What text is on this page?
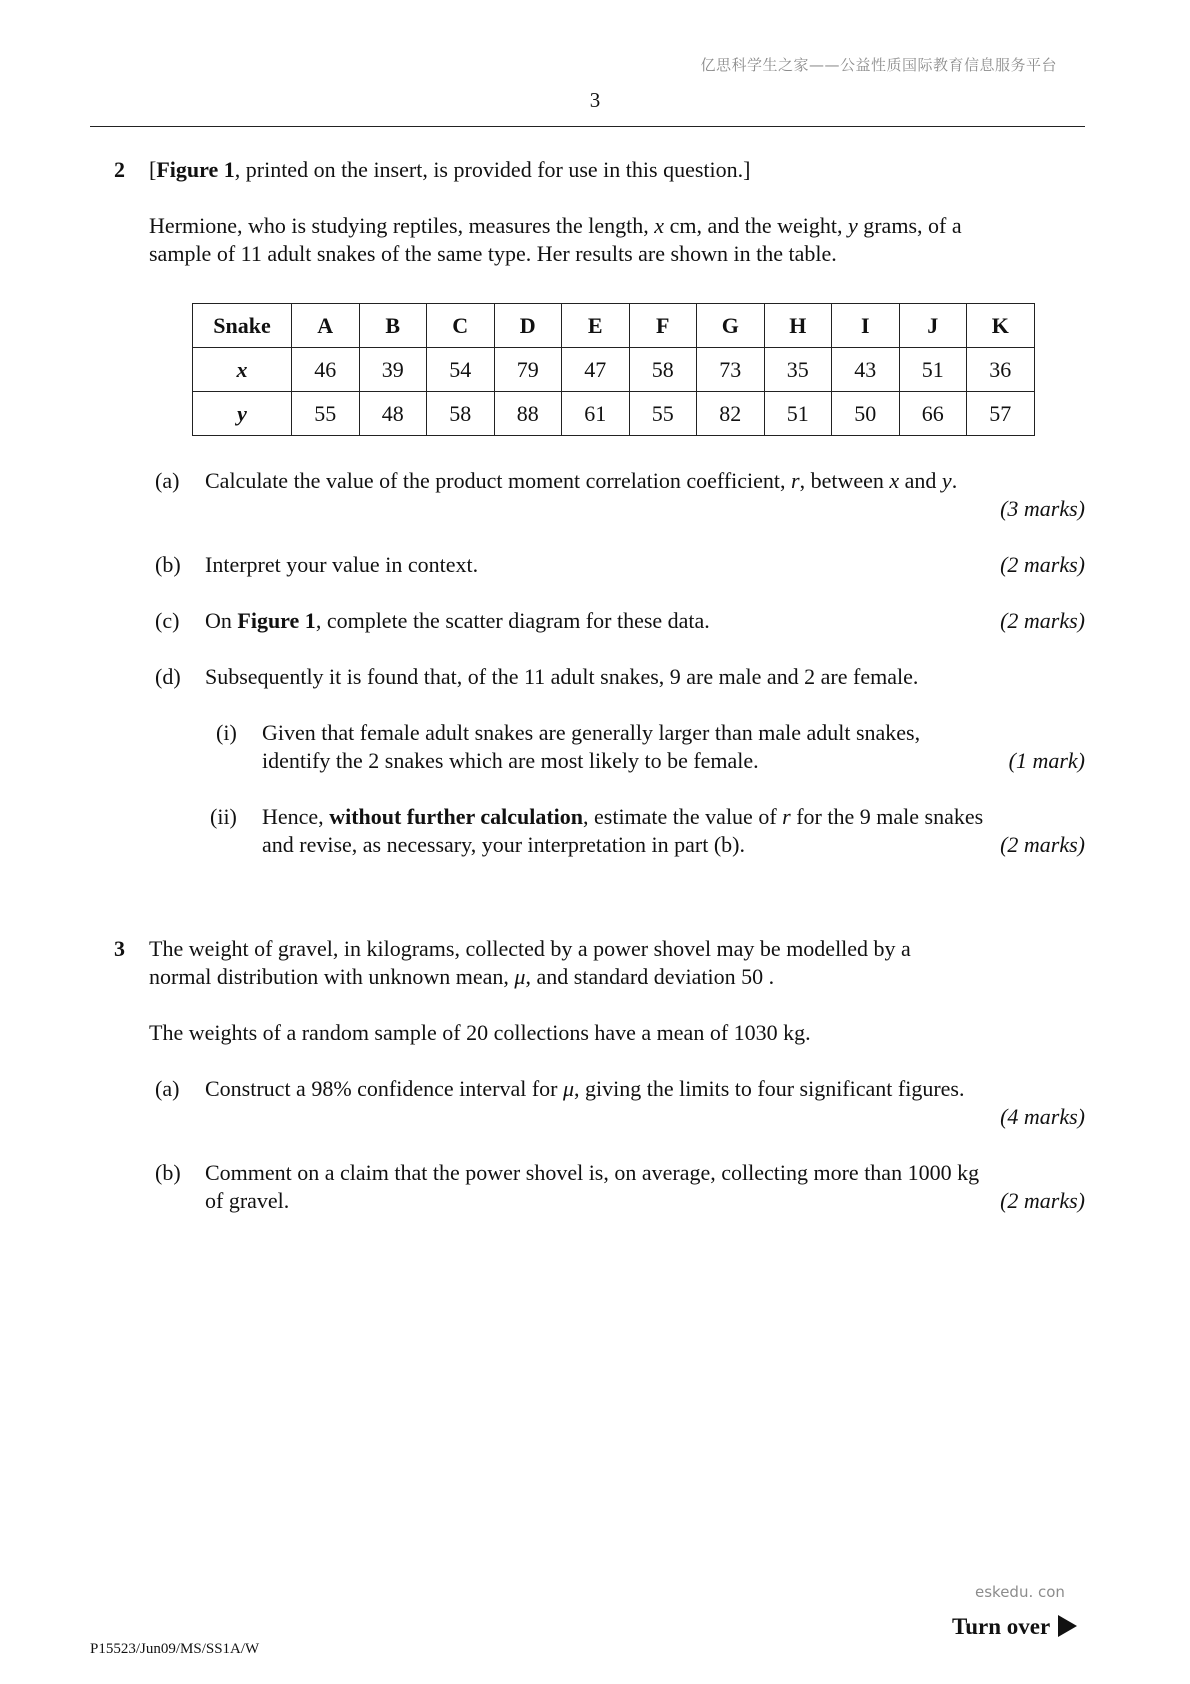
亿思科学生之家——公益性质国际教育信息服务平台
3
2 [Figure 1, printed on the insert, is provided for use in this question.]
Hermione, who is studying reptiles, measures the length, x cm, and the weight, y grams, of a
sample of 11 adult snakes of the same type. Her results are shown in the table.
Snake	A	B	C	D	E	F	G	H	I	J	K
x	46	39	54	79	47	58	73	35	43	51	36
y	55	48	58	88	61	55	82	51	50	66	57
(a) Calculate the value of the product moment correlation coefficient, r, between x and y.
(3 marks)
(b) Interpret your value in context.	(2 marks)
(c) On Figure 1, complete the scatter diagram for these data.	(2 marks)
(d) Subsequently it is found that, of the 11 adult snakes, 9 are male and 2 are female.
(i) Given that female adult snakes are generally larger than male adult snakes,
identify the 2 snakes which are most likely to be female.	(1 mark)
(ii) Hence, without further calculation, estimate the value of r for the 9 male snakes
and revise, as necessary, your interpretation in part (b).	(2 marks)
3 The weight of gravel, in kilograms, collected by a power shovel may be modelled by a
normal distribution with unknown mean, μ, and standard deviation 50 .
The weights of a random sample of 20 collections have a mean of 1030 kg.
(a) Construct a 98% confidence interval for μ, giving the limits to four significant figures.
(4 marks)
(b) Comment on a claim that the power shovel is, on average, collecting more than 1000 kg
of gravel.	(2 marks)
eskedu. con
Turn over
P15523/Jun09/MS/SS1A/W
